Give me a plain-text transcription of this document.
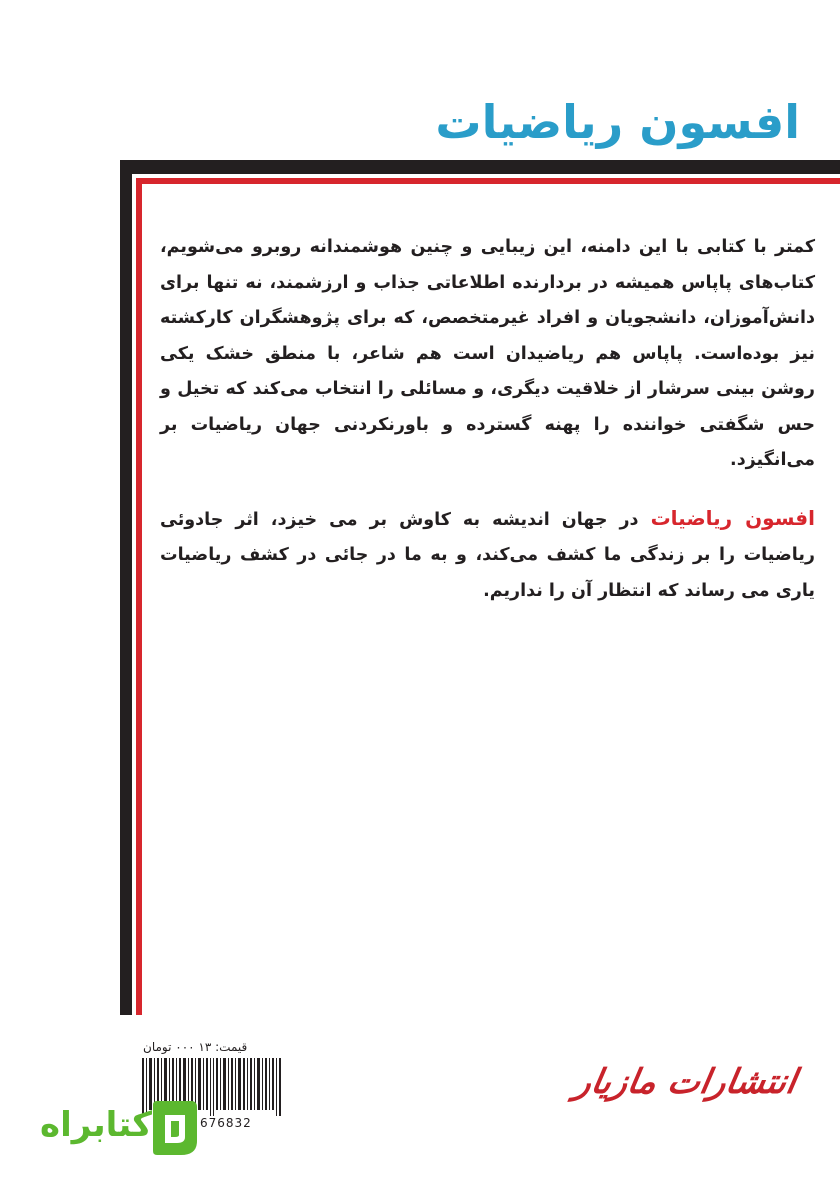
افسون ریاضیات

کمتر با کتابی با این دامنه، این زیبایی و چنین هوشمندانه روبرو می‌شویم، کتاب‌های پاپاس همیشه در بردارنده اطلاعاتی جذاب و ارزشمند، نه تنها برای دانش‌آموزان، دانشجویان و افراد غیرمتخصص، که برای پژوهشگران کارکشته نیز بوده‌است. پاپاس هم ریاضیدان است هم شاعر، با منطق خشک یکی روشن بینی سرشار از خلاقیت دیگری، و مسائلی را انتخاب می‌کند که تخیل و حس شگفتی خواننده را پهنه گسترده و باورنکردنی جهان ریاضیات بر می‌انگیزد.

افسون ریاضیات در جهان اندیشه به کاوش بر می خیزد، اثر جادوئی ریاضیات را بر زندگی ما کشف می‌کند، و به ما در جائی در کشف ریاضیات یاری می رساند که انتظار آن را نداریم.

قیمت: ۱۳ ۰۰۰ تومان
676832
انتشارات مازیار
کتابراه
